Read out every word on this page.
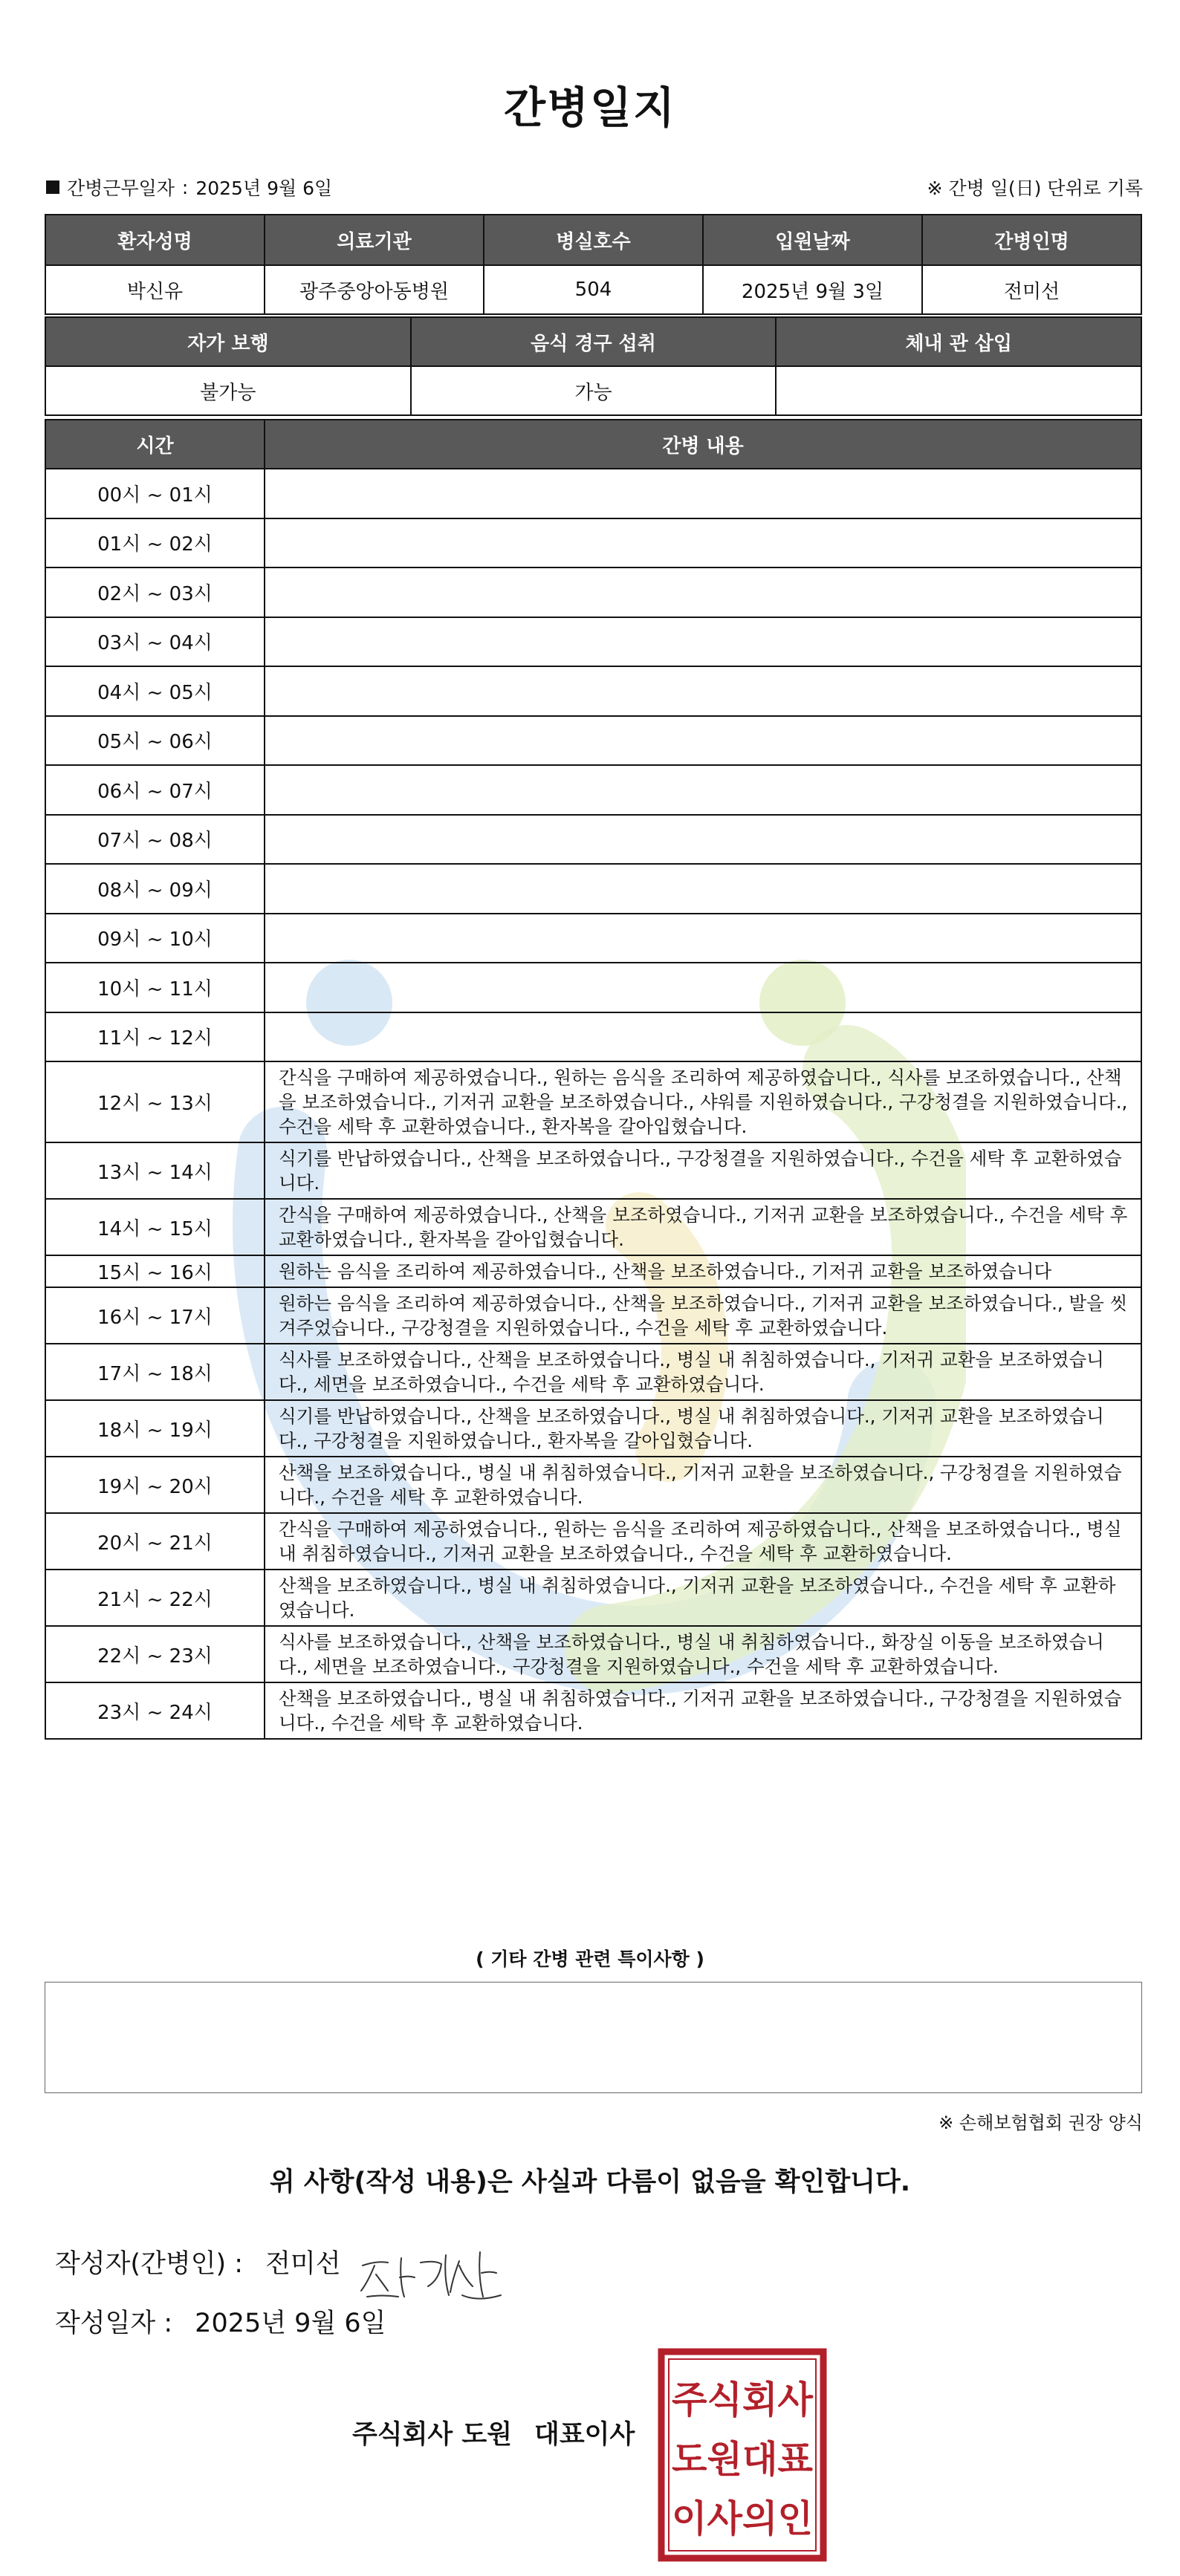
간병일지
간병근무일자 : 2025년 9월 6일	※ 간병 일(日) 단위로 기록
환자성명	의료기관	병실호수	입원날짜	간병인명
박신유	광주중앙아동병원	504	2025년 9월 3일	전미선
자가 보행	음식 경구 섭취	체내 관 삽입
불가능	가능	
시간	간병 내용
00시 ~ 01시	
01시 ~ 02시	
02시 ~ 03시	
03시 ~ 04시	
04시 ~ 05시	
05시 ~ 06시	
06시 ~ 07시	
07시 ~ 08시	
08시 ~ 09시	
09시 ~ 10시	
10시 ~ 11시	
11시 ~ 12시	
12시 ~ 13시	간식을 구매하여 제공하였습니다., 원하는 음식을 조리하여 제공하였습니다., 식사를 보조하였습니다., 산책을 보조하였습니다., 기저귀 교환을 보조하였습니다., 샤워를 지원하였습니다., 구강청결을 지원하였습니다., 수건을 세탁 후 교환하였습니다., 환자복을 갈아입혔습니다.
13시 ~ 14시	식기를 반납하였습니다., 산책을 보조하였습니다., 구강청결을 지원하였습니다., 수건을 세탁 후 교환하였습니다.
14시 ~ 15시	간식을 구매하여 제공하였습니다., 산책을 보조하였습니다., 기저귀 교환을 보조하였습니다., 수건을 세탁 후 교환하였습니다., 환자복을 갈아입혔습니다.
15시 ~ 16시	원하는 음식을 조리하여 제공하였습니다., 산책을 보조하였습니다., 기저귀 교환을 보조하였습니다
16시 ~ 17시	원하는 음식을 조리하여 제공하였습니다., 산책을 보조하였습니다., 기저귀 교환을 보조하였습니다., 발을 씻겨주었습니다., 구강청결을 지원하였습니다., 수건을 세탁 후 교환하였습니다.
17시 ~ 18시	식사를 보조하였습니다., 산책을 보조하였습니다., 병실 내 취침하였습니다., 기저귀 교환을 보조하였습니다., 세면을 보조하였습니다., 수건을 세탁 후 교환하였습니다.
18시 ~ 19시	식기를 반납하였습니다., 산책을 보조하였습니다., 병실 내 취침하였습니다., 기저귀 교환을 보조하였습니다., 구강청결을 지원하였습니다., 환자복을 갈아입혔습니다.
19시 ~ 20시	산책을 보조하였습니다., 병실 내 취침하였습니다., 기저귀 교환을 보조하였습니다., 구강청결을 지원하였습니다., 수건을 세탁 후 교환하였습니다.
20시 ~ 21시	간식을 구매하여 제공하였습니다., 원하는 음식을 조리하여 제공하였습니다., 산책을 보조하였습니다., 병실 내 취침하였습니다., 기저귀 교환을 보조하였습니다., 수건을 세탁 후 교환하였습니다.
21시 ~ 22시	산책을 보조하였습니다., 병실 내 취침하였습니다., 기저귀 교환을 보조하였습니다., 수건을 세탁 후 교환하였습니다.
22시 ~ 23시	식사를 보조하였습니다., 산책을 보조하였습니다., 병실 내 취침하였습니다., 화장실 이동을 보조하였습니다., 세면을 보조하였습니다., 구강청결을 지원하였습니다., 수건을 세탁 후 교환하였습니다.
23시 ~ 24시	산책을 보조하였습니다., 병실 내 취침하였습니다., 기저귀 교환을 보조하였습니다., 구강청결을 지원하였습니다., 수건을 세탁 후 교환하였습니다.
( 기타 간병 관련 특이사항 )
※ 손해보험협회 권장 양식
위 사항(작성 내용)은 사실과 다름이 없음을 확인합니다.
작성자(간병인) : 전미선
작성일자 : 2025년 9월 6일
주식회사 도원 대표이사
주식회사
도원대표
이사의인
